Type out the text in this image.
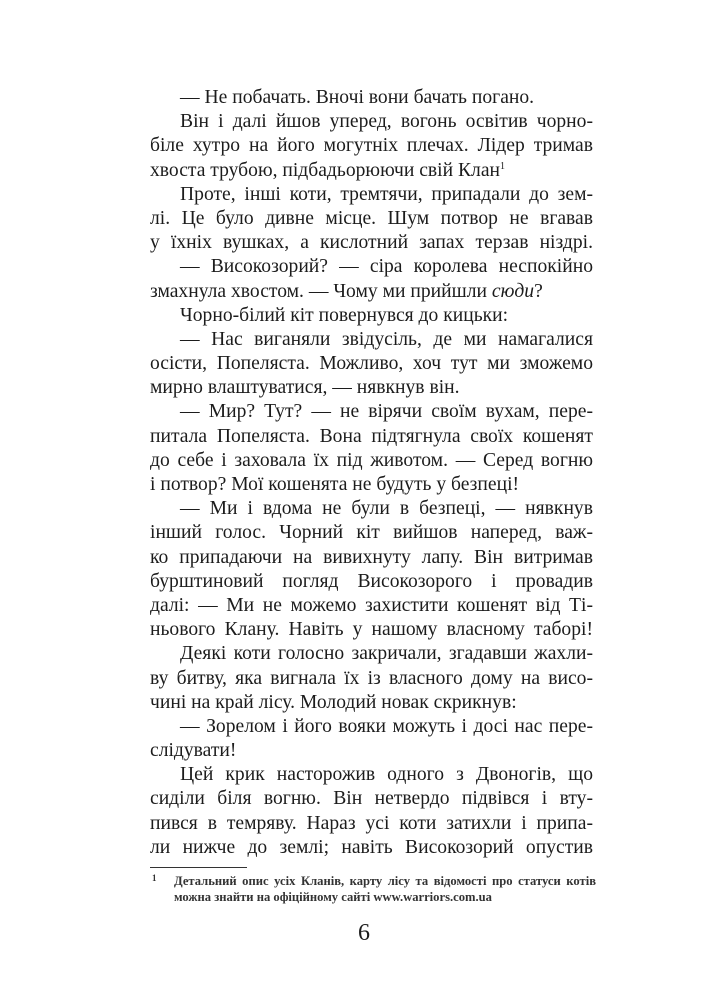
— Не побачать. Вночі вони бачать погано.
Він і далі йшов уперед, вогонь освітив чорно-
біле хутро на його могутніх плечах. Лідер тримав
хвоста трубою, підбадьорюючи свій Клан$^1$
Проте, інші коти, тремтячи, припадали до зем-
лі. Це було дивне місце. Шум потвор не вгавав
у їхніх вушках, а кислотний запах терзав ніздрі.
— Високозорий? — сіра королева неспокійно
змахнула хвостом. — Чому ми прийшли сюди?
Чорно-білий кіт повернувся до кицьки:
— Нас виганяли звідусіль, де ми намагалися
осісти, Попеляста. Можливо, хоч тут ми зможемо
мирно влаштуватися, — нявкнув він.
— Мир? Тут? — не вірячи своїм вухам, пере-
питала Попеляста. Вона підтягнула своїх кошенят
до себе і заховала їх під животом. — Серед вогню
і потвор? Мої кошенята не будуть у безпеці!
— Ми і вдома не були в безпеці, — нявкнув
інший голос. Чорний кіт вийшов наперед, важ-
ко припадаючи на вивихнуту лапу. Він витримав
бурштиновий погляд Високозорого і провадив
далі: — Ми не можемо захистити кошенят від Ті-
ньового Клану. Навіть у нашому власному таборі!
Деякі коти голосно закричали, згадавши жахли-
ву битву, яка вигнала їх із власного дому на висо-
чині на край лісу. Молодий новак скрикнув:
— Зорелом і його вояки можуть і досі нас пере-
слідувати!
Цей крик насторожив одного з Двоногів, що
сиділи біля вогню. Він нетвердо підвівся і вту-
пився в темряву. Нараз усі коти затихли і припа-
ли нижче до землі; навіть Високозорий опустив
1 Детальний опис усіх Кланів, карту лісу та відомості про статуси котів можна знайти на офіційному сайті www.warriors.com.ua
6
